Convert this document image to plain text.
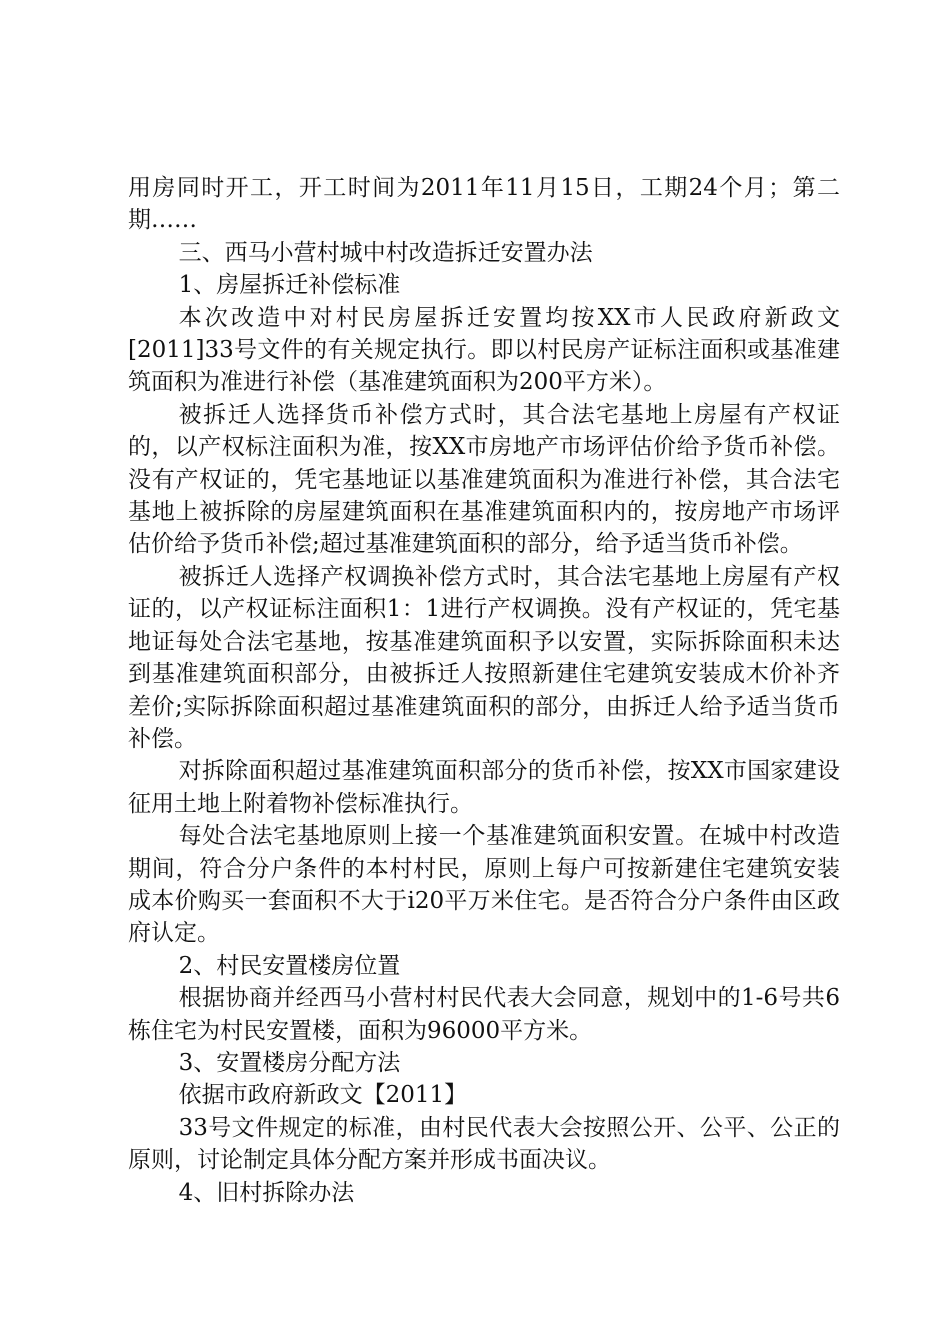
用房同时开工，开工时间为2011年11月15日，工期24个月；第二期……

三、西马小营村城中村改造拆迁安置办法

1、房屋拆迁补偿标准

本次改造中对村民房屋拆迁安置均按XX市人民政府新政文[2011]33号文件的有关规定执行。即以村民房产证标注面积或基准建筑面积为准进行补偿（基准建筑面积为200平方米）。

被拆迁人选择货币补偿方式时，其合法宅基地上房屋有产权证的，以产权标注面积为准，按XX市房地产市场评估价给予货币补偿。没有产权证的，凭宅基地证以基准建筑面积为准进行补偿，其合法宅基地上被拆除的房屋建筑面积在基准建筑面积内的，按房地产市场评估价给予货币补偿;超过基准建筑面积的部分，给予适当货币补偿。

被拆迁人选择产权调换补偿方式时，其合法宅基地上房屋有产权证的，以产权证标注面积1：1进行产权调换。没有产权证的，凭宅基地证每处合法宅基地，按基准建筑面积予以安置，实际拆除面积未达到基准建筑面积部分，由被拆迁人按照新建住宅建筑安装成木价补齐差价;实际拆除面积超过基准建筑面积的部分，由拆迁人给予适当货币补偿。

对拆除面积超过基准建筑面积部分的货币补偿，按XX市国家建设征用土地上附着物补偿标准执行。

每处合法宅基地原则上接一个基准建筑面积安置。在城中村改造期间，符合分户条件的本村村民，原则上每户可按新建住宅建筑安装成本价购买一套面积不大于i20平万米住宅。是否符合分户条件由区政府认定。

2、村民安置楼房位置

根据协商并经西马小营村村民代表大会同意，规划中的1-6号共6栋住宅为村民安置楼，面积为96000平方米。

3、安置楼房分配方法

依据市政府新政文【2011】

33号文件规定的标准，由村民代表大会按照公开、公平、公正的原则，讨论制定具体分配方案并形成书面决议。

4、旧村拆除办法
